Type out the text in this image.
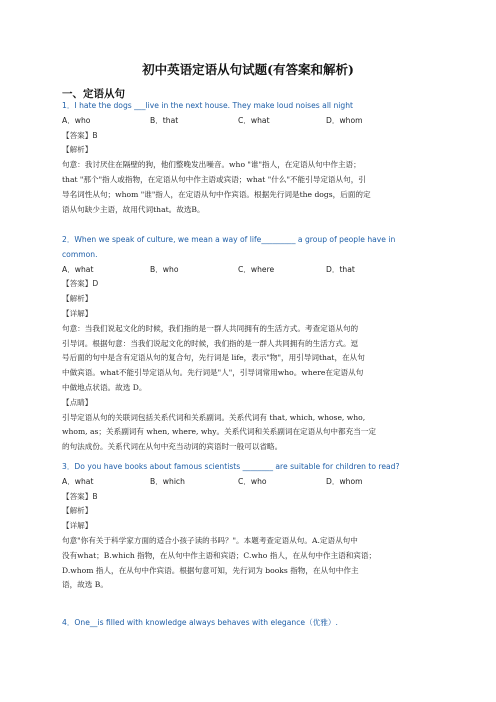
初中英语定语从句试题(有答案和解析)
一、定语从句

1．I hate the dogs ___live in the next house. They make loud noises all night

A．who	B．that	C．what	D．whom

【答案】B

【解析】

句意：我讨厌住在隔壁的狗，他们整晚发出噪音。who "谁"指人，在定语从句中作主语；

that "那个"指人或指物，在定语从句中作主语或宾语；what "什么"不能引导定语从句，引

导名词性从句；whom "谁"指人，在定语从句中作宾语。根据先行词是the dogs，后面的定

语从句缺少主语，故用代词that。故选B。

2．When we speak of culture, we mean a way of life_________ a group of people have in

common.

A．what	B．who	C．where	D．that

【答案】D

【解析】

【详解】

句意：当我们说起文化的时候，我们指的是一群人共同拥有的生活方式。考查定语从句的

引导词。根据句意：当我们说起文化的时候，我们指的是一群人共同拥有的生活方式。逗

号后面的句中是含有定语从句的复合句，先行词是 life，表示"物"，用引导词that，在从句

中做宾语。what不能引导定语从句。先行词是"人"，引导词常用who。where在定语从句

中做地点状语。故选 D。

【点睛】

引导定语从句的关联词包括关系代词和关系副词。关系代词有 that, which, whose, who,

whom, as；关系副词有 when, where, why。关系代词和关系副词在定语从句中都充当一定

的句法成份。关系代词在从句中充当动词的宾语时一般可以省略。

3．Do you have books about famous scientists ________ are suitable for children to read?

A．what	B．which	C．who	D．whom

【答案】B

【解析】

【详解】

句意"你有关于科学家方面的适合小孩子读的书吗？"。本题考查定语从句。A.定语从句中

没有what；B.which 指物，在从句中作主语和宾语；C.who 指人，在从句中作主语和宾语；

D.whom 指人，在从句中作宾语。根据句意可知，先行词为 books 指物，在从句中作主

语，故选 B。

4．One__is filled with knowledge always behaves with elegance（优雅）.
